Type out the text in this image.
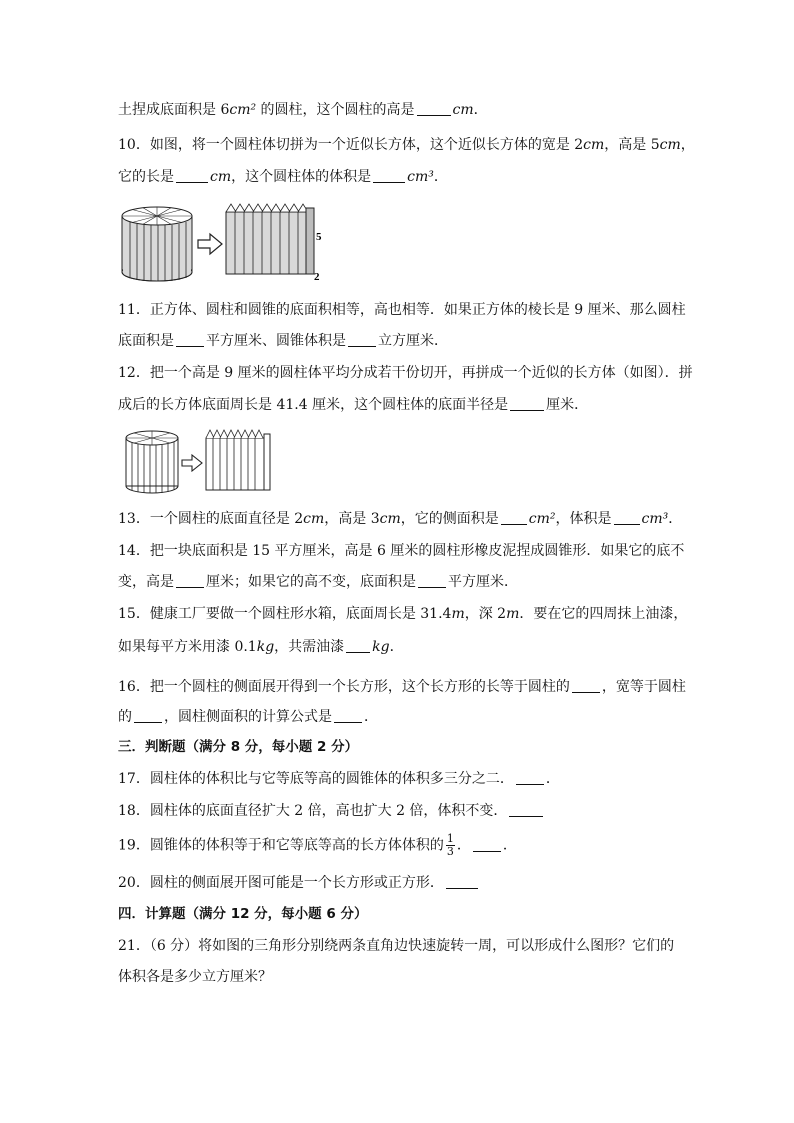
土捏成底面积是 6cm² 的圆柱，这个圆柱的高是	cm．
10．如图，将一个圆柱体切拼为一个近似长方体，这个近似长方体的宽是 2cm，高是 5cm，
它的长是	cm，这个圆柱体的体积是	cm³．
5
2
11．正方体、圆柱和圆锥的底面积相等，高也相等．如果正方体的棱长是 9 厘米、那么圆柱
底面积是 平方厘米、圆锥体积是 立方厘米．
12．把一个高是 9 厘米的圆柱体平均分成若干份切开，再拼成一个近似的长方体（如图）．拼
成后的长方体底面周长是 41.4 厘米，这个圆柱体的底面半径是	厘米．
13．一个圆柱的底面直径是 2cm，高是 3cm，它的侧面积是 cm²，体积是 cm³．
14．把一块底面积是 15 平方厘米，高是 6 厘米的圆柱形橡皮泥捏成圆锥形．如果它的底不
变，高是 厘米；如果它的高不变，底面积是 平方厘米．
15．健康工厂要做一个圆柱形水箱，底面周长是 31.4m，深 2m．要在它的四周抹上油漆，
如果每平方米用漆 0.1kg，共需油漆 kg．
16．把一个圆柱的侧面展开得到一个长方形，这个长方形的长等于圆柱的 ，宽等于圆柱
的 ，圆柱侧面积的计算公式是 ．
三．判断题（满分 8 分，每小题 2 分）
17．圆柱体的体积比与它等底等高的圆锥体的体积多三分之二． ．
18．圆柱体的底面直径扩大 2 倍，高也扩大 2 倍，体积不变．
19．圆锥体的体积等于和它等底等高的长方体体积的 $\frac{1}{3}$ ． ．
20．圆柱的侧面展开图可能是一个长方形或正方形．
四．计算题（满分 12 分，每小题 6 分）
21．（6 分）将如图的三角形分别绕两条直角边快速旋转一周，可以形成什么图形？它们的
体积各是多少立方厘米？
